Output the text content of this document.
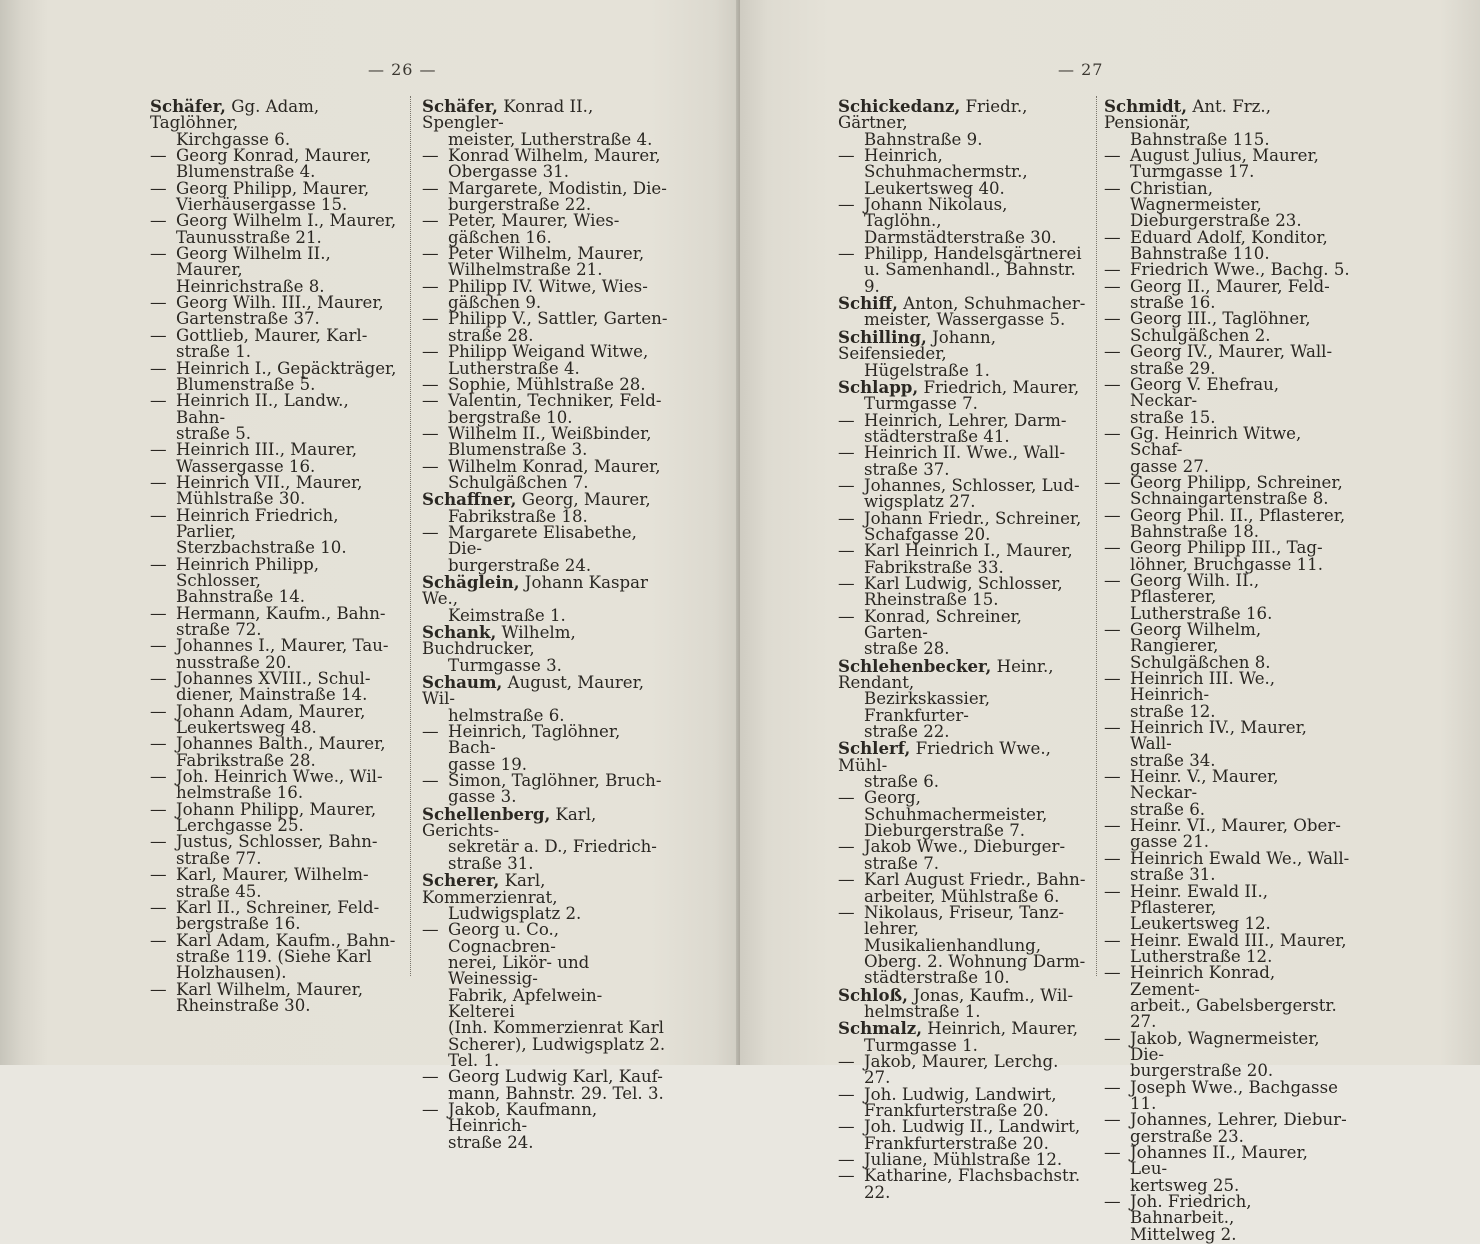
— 26 —
Schäfer, Gg. Adam, Taglöhner,
Kirchgasse 6.
— Georg Konrad, Maurer,
Blumenstraße 4.
— Georg Philipp, Maurer,
Vierhäusergasse 15.
— Georg Wilhelm I., Maurer,
Taunusstraße 21.
— Georg Wilhelm II., Maurer,
Heinrichstraße 8.
— Georg Wilh. III., Maurer,
Gartenstraße 37.
— Gottlieb, Maurer, Karl-
straße 1.
— Heinrich I., Gepäckträger,
Blumenstraße 5.
— Heinrich II., Landw., Bahn-
straße 5.
— Heinrich III., Maurer,
Wassergasse 16.
— Heinrich VII., Maurer,
Mühlstraße 30.
— Heinrich Friedrich, Parlier,
Sterzbachstraße 10.
— Heinrich Philipp, Schlosser,
Bahnstraße 14.
— Hermann, Kaufm., Bahn-
straße 72.
— Johannes I., Maurer, Tau-
nusstraße 20.
— Johannes XVIII., Schul-
diener, Mainstraße 14.
— Johann Adam, Maurer,
Leukertsweg 48.
— Johannes Balth., Maurer,
Fabrikstraße 28.
— Joh. Heinrich Wwe., Wil-
helmstraße 16.
— Johann Philipp, Maurer,
Lerchgasse 25.
— Justus, Schlosser, Bahn-
straße 77.
— Karl, Maurer, Wilhelm-
straße 45.
— Karl II., Schreiner, Feld-
bergstraße 16.
— Karl Adam, Kaufm., Bahn-
straße 119. (Siehe Karl
Holzhausen).
— Karl Wilhelm, Maurer,
Rheinstraße 30.
Schäfer, Konrad II., Spengler-
meister, Lutherstraße 4.
— Konrad Wilhelm, Maurer,
Obergasse 31.
— Margarete, Modistin, Die-
burgerstraße 22.
— Peter, Maurer, Wies-
gäßchen 16.
— Peter Wilhelm, Maurer,
Wilhelmstraße 21.
— Philipp IV. Witwe, Wies-
gäßchen 9.
— Philipp V., Sattler, Garten-
straße 28.
— Philipp Weigand Witwe,
Lutherstraße 4.
— Sophie, Mühlstraße 28.
— Valentin, Techniker, Feld-
bergstraße 10.
— Wilhelm II., Weißbinder,
Blumenstraße 3.
— Wilhelm Konrad, Maurer,
Schulgäßchen 7.
Schaffner, Georg, Maurer,
Fabrikstraße 18.
— Margarete Elisabethe, Die-
burgerstraße 24.
Schäglein, Johann Kaspar We.,
Keimstraße 1.
Schank, Wilhelm, Buchdrucker,
Turmgasse 3.
Schaum, August, Maurer, Wil-
helmstraße 6.
— Heinrich, Taglöhner, Bach-
gasse 19.
— Simon, Taglöhner, Bruch-
gasse 3.
Schellenberg, Karl, Gerichts-
sekretär a. D., Friedrich-
straße 31.
Scherer, Karl, Kommerzienrat,
Ludwigsplatz 2.
— Georg u. Co., Cognacbren-
nerei, Likör- und Weinessig-
Fabrik, Apfelwein-Kelterei
(Inh. Kommerzienrat Karl
Scherer), Ludwigsplatz 2.
Tel. 1.
— Georg Ludwig Karl, Kauf-
mann, Bahnstr. 29. Tel. 3.
— Jakob, Kaufmann, Heinrich-
straße 24.
— 27
Schickedanz, Friedr., Gärtner,
Bahnstraße 9.
— Heinrich, Schuhmachermstr.,
Leukertsweg 40.
— Johann Nikolaus, Taglöhn.,
Darmstädterstraße 30.
— Philipp, Handelsgärtnerei
u. Samenhandl., Bahnstr. 9.
Schiff, Anton, Schuhmacher-
meister, Wassergasse 5.
Schilling, Johann, Seifensieder,
Hügelstraße 1.
Schlapp, Friedrich, Maurer,
Turmgasse 7.
— Heinrich, Lehrer, Darm-
städterstraße 41.
— Heinrich II. Wwe., Wall-
straße 37.
— Johannes, Schlosser, Lud-
wigsplatz 27.
— Johann Friedr., Schreiner,
Schafgasse 20.
— Karl Heinrich I., Maurer,
Fabrikstraße 33.
— Karl Ludwig, Schlosser,
Rheinstraße 15.
— Konrad, Schreiner, Garten-
straße 28.
Schlehenbecker, Heinr., Rendant,
Bezirkskassier, Frankfurter-
straße 22.
Schlerf, Friedrich Wwe., Mühl-
straße 6.
— Georg, Schuhmachermeister,
Dieburgerstraße 7.
— Jakob Wwe., Dieburger-
straße 7.
— Karl August Friedr., Bahn-
arbeiter, Mühlstraße 6.
— Nikolaus, Friseur, Tanz-
lehrer, Musikalienhandlung,
Oberg. 2. Wohnung Darm-
städterstraße 10.
Schloß, Jonas, Kaufm., Wil-
helmstraße 1.
Schmalz, Heinrich, Maurer,
Turmgasse 1.
— Jakob, Maurer, Lerchg. 27.
— Joh. Ludwig, Landwirt,
Frankfurterstraße 20.
— Joh. Ludwig II., Landwirt,
Frankfurterstraße 20.
— Juliane, Mühlstraße 12.
— Katharine, Flachsbachstr. 22.
Schmidt, Ant. Frz., Pensionär,
Bahnstraße 115.
— August Julius, Maurer,
Turmgasse 17.
— Christian, Wagnermeister,
Dieburgerstraße 23.
— Eduard Adolf, Konditor,
Bahnstraße 110.
— Friedrich Wwe., Bachg. 5.
— Georg II., Maurer, Feld-
straße 16.
— Georg III., Taglöhner,
Schulgäßchen 2.
— Georg IV., Maurer, Wall-
straße 29.
— Georg V. Ehefrau, Neckar-
straße 15.
— Gg. Heinrich Witwe, Schaf-
gasse 27.
— Georg Philipp, Schreiner,
Schnaingartenstraße 8.
— Georg Phil. II., Pflasterer,
Bahnstraße 18.
— Georg Philipp III., Tag-
löhner, Bruchgasse 11.
— Georg Wilh. II., Pflasterer,
Lutherstraße 16.
— Georg Wilhelm, Rangierer,
Schulgäßchen 8.
— Heinrich III. We., Heinrich-
straße 12.
— Heinrich IV., Maurer, Wall-
straße 34.
— Heinr. V., Maurer, Neckar-
straße 6.
— Heinr. VI., Maurer, Ober-
gasse 21.
— Heinrich Ewald We., Wall-
straße 31.
— Heinr. Ewald II., Pflasterer,
Leukertsweg 12.
— Heinr. Ewald III., Maurer,
Lutherstraße 12.
— Heinrich Konrad, Zement-
arbeit., Gabelsbergerstr. 27.
— Jakob, Wagnermeister, Die-
burgerstraße 20.
— Joseph Wwe., Bachgasse 11.
— Johannes, Lehrer, Diebur-
gerstraße 23.
— Johannes II., Maurer, Leu-
kertsweg 25.
— Joh. Friedrich, Bahnarbeit.,
Mittelweg 2.
